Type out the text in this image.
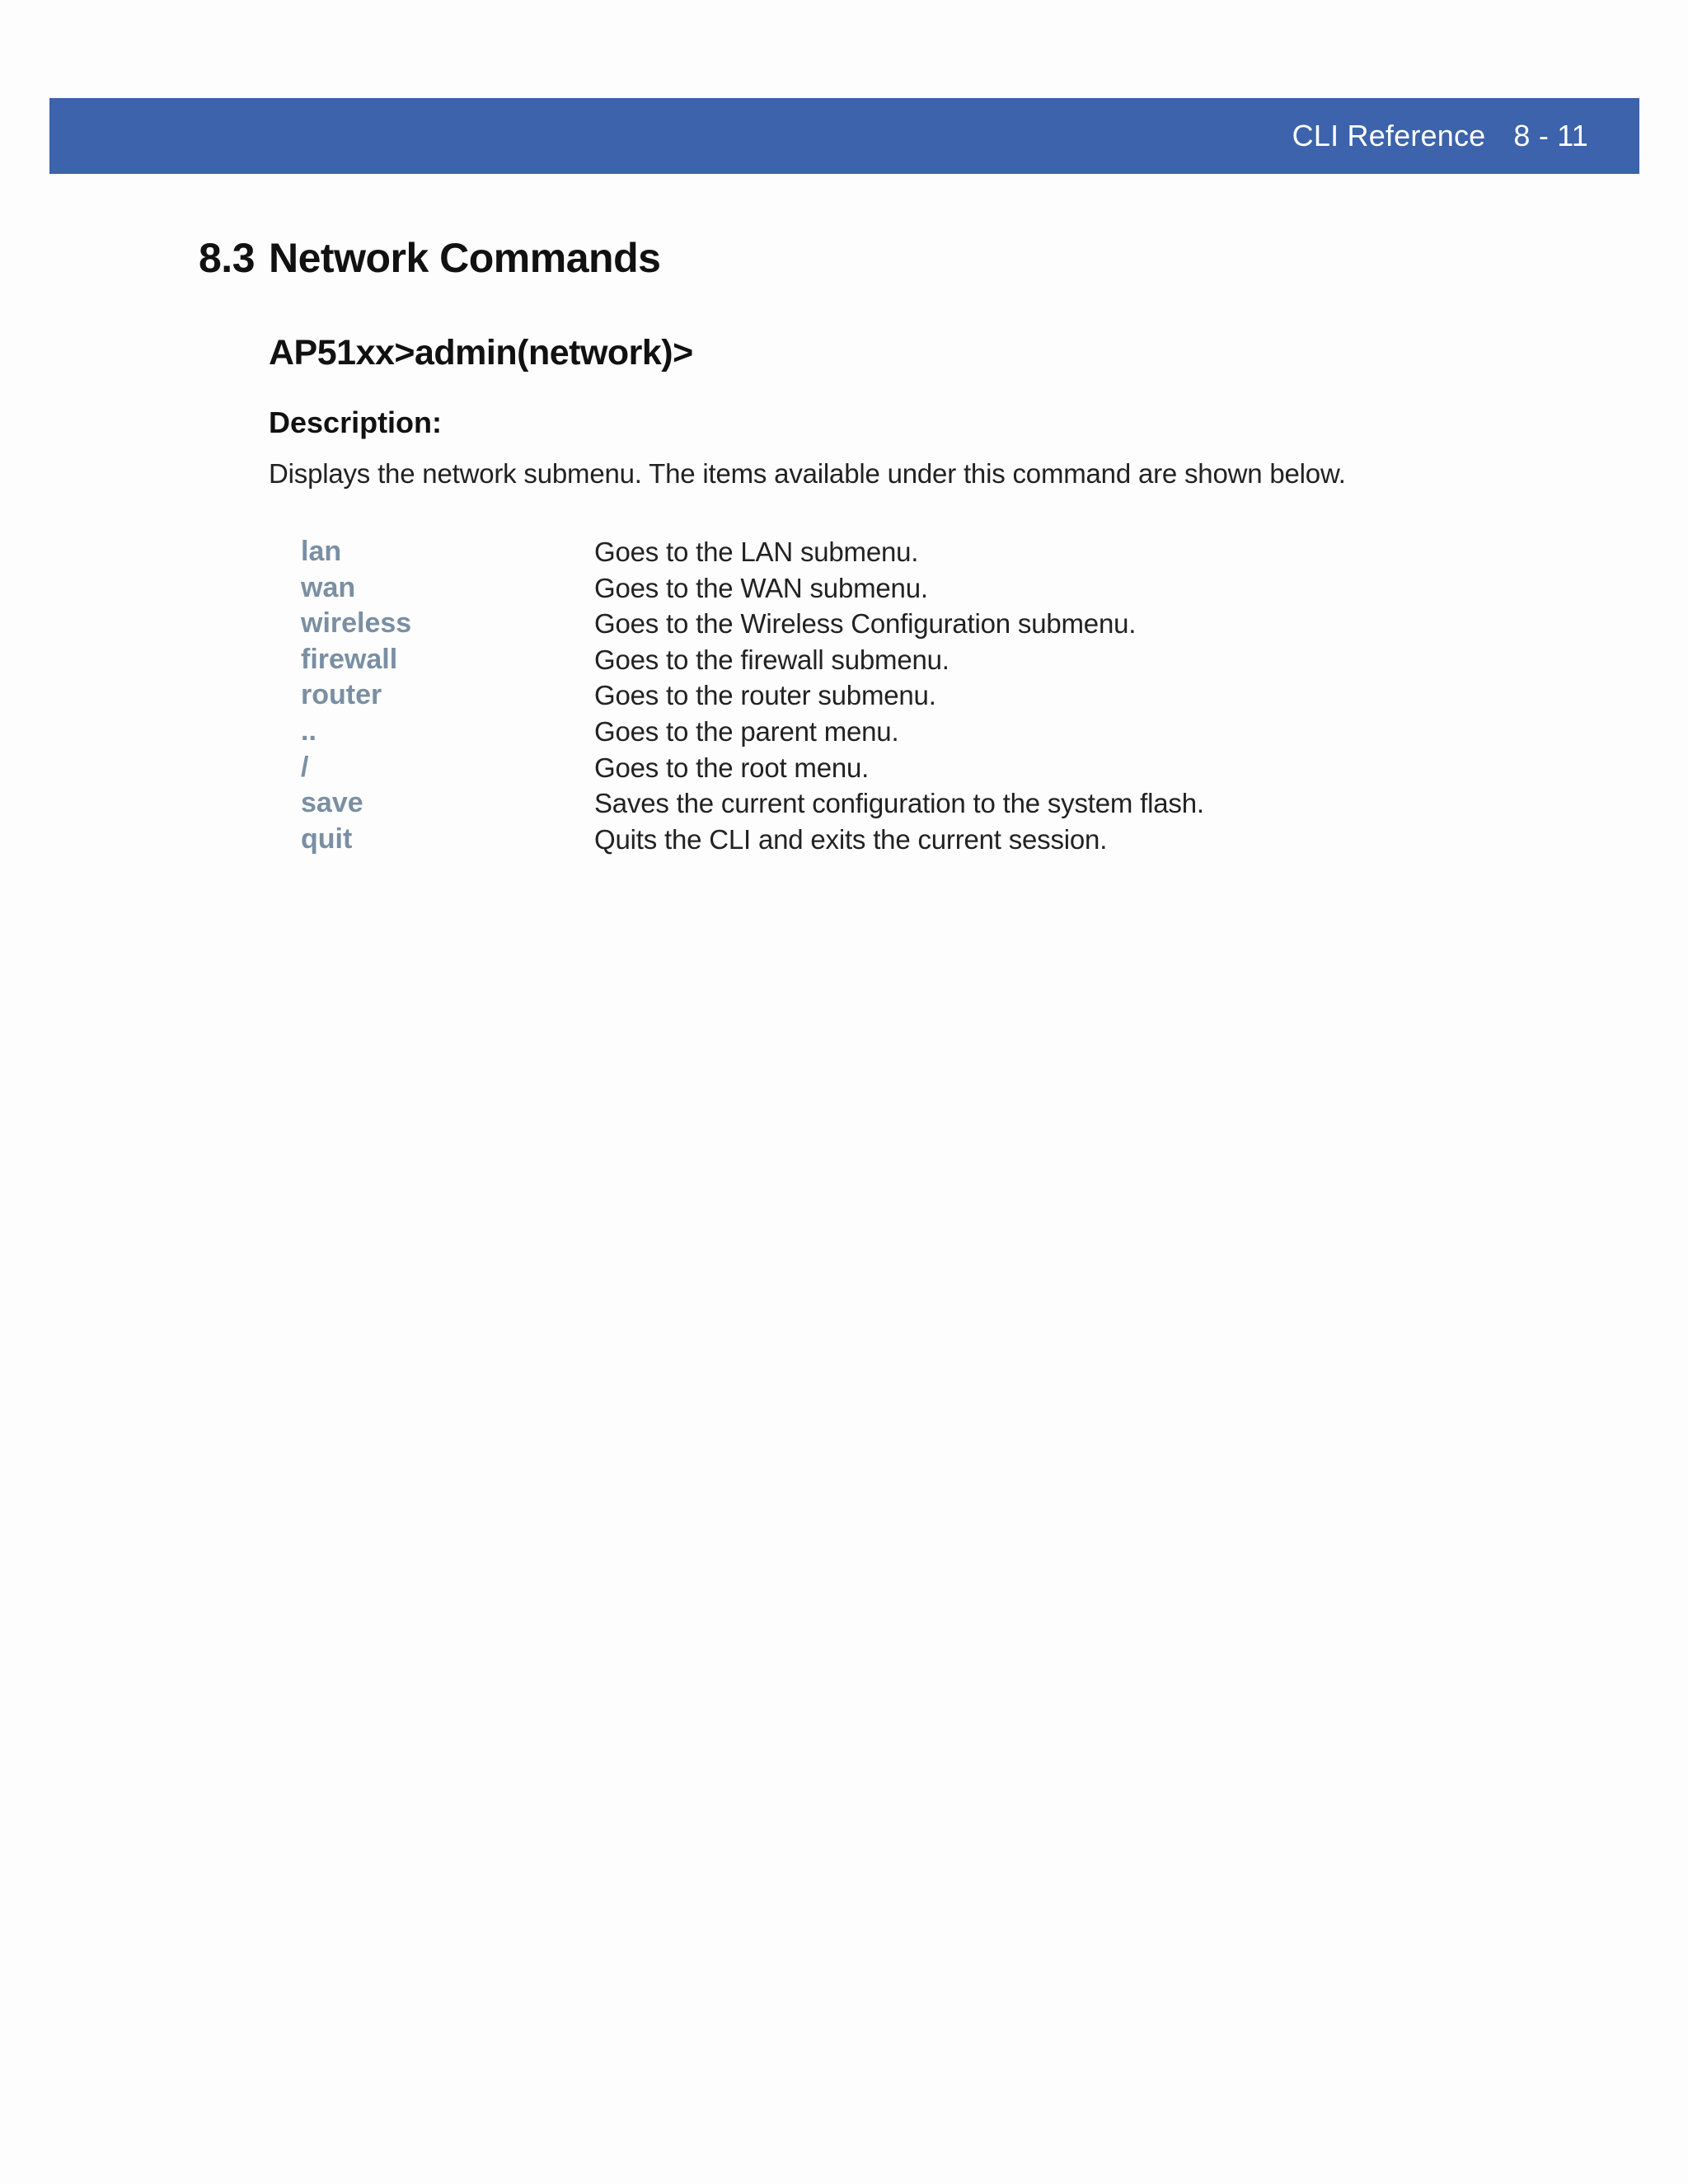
CLI Reference 8 - 11
8.3 Network Commands
AP51xx>admin(network)>
Description:
Displays the network submenu. The items available under this command are shown below.
lan	Goes to the LAN submenu.
wan	Goes to the WAN submenu.
wireless	Goes to the Wireless Configuration submenu.
firewall	Goes to the firewall submenu.
router	Goes to the router submenu.
..	Goes to the parent menu.
/	Goes to the root menu.
save	Saves the current configuration to the system flash.
quit	Quits the CLI and exits the current session.
